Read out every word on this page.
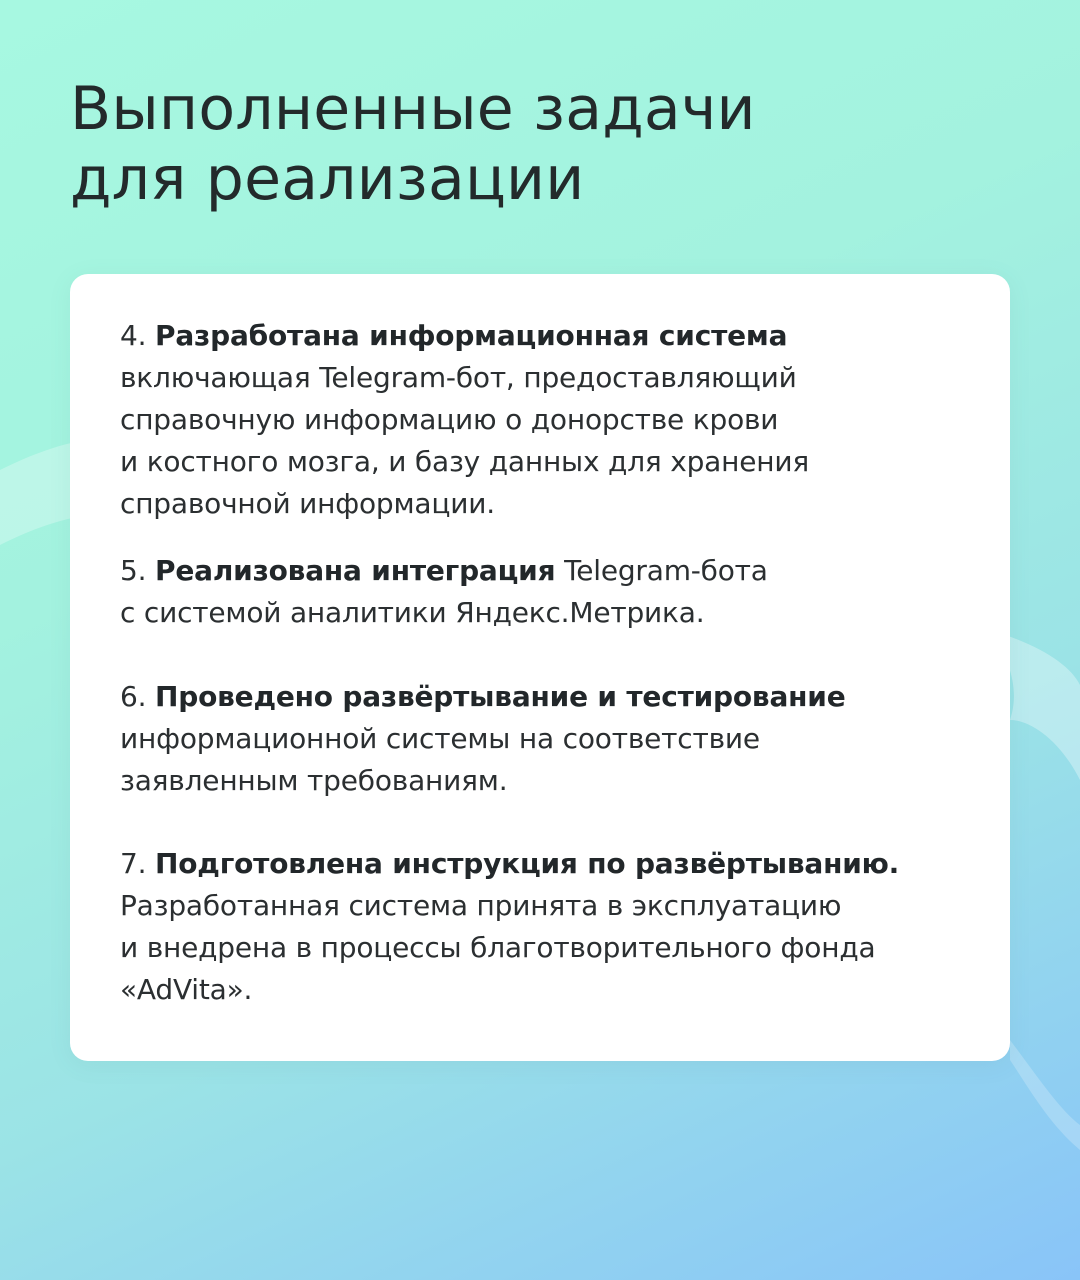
Выполненные задачи
для реализации

4. Разработана информационная система
включающая Telegram-бот, предоставляющий
справочную информацию о донорстве крови
и костного мозга, и базу данных для хранения
справочной информации.

5. Реализована интеграция Telegram-бота
с системой аналитики Яндекс.Метрика.

6. Проведено развёртывание и тестирование
информационной системы на соответствие
заявленным требованиям.

7. Подготовлена инструкция по развёртыванию.
Разработанная система принята в эксплуатацию
и внедрена в процессы благотворительного фонда
«AdVita».
